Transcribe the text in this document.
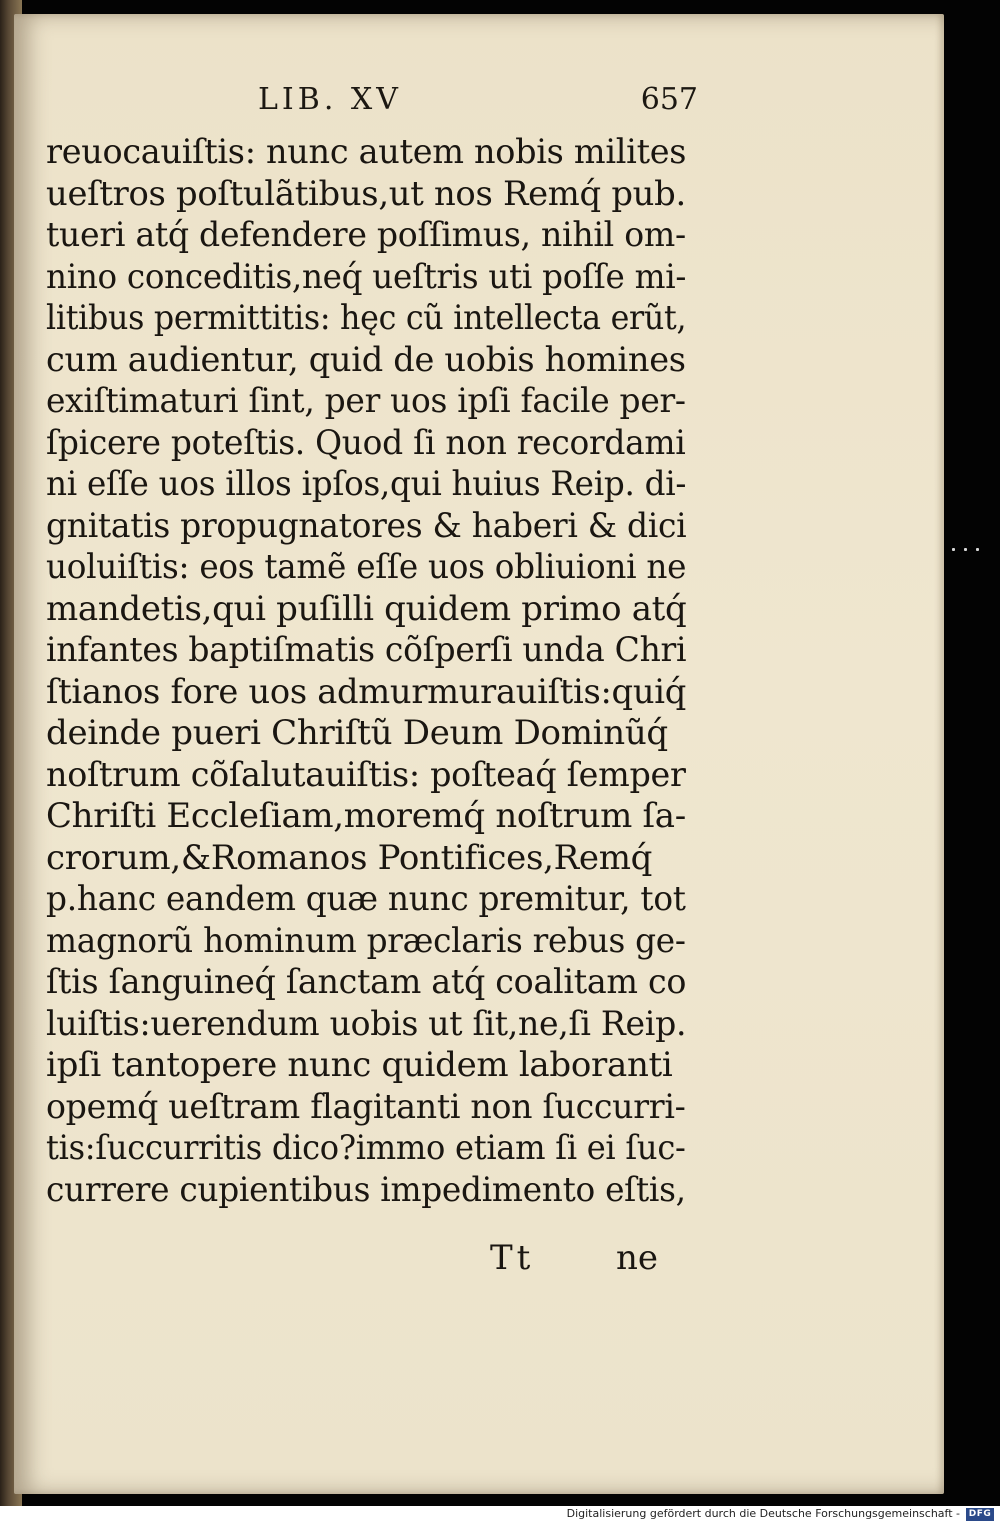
LIB. XV	657
reuocauiſtis: nunc autem nobis milites
ueſtros poſtulãtibus,ut nos Remq́ pub.
tueri atq́ defendere poſſimus, nihil om-
nino conceditis,neq́ ueſtris uti poſſe mi-
litibus permittitis: hęc cũ intellecta erũt,
cum audientur, quid de uobis homines
exiſtimaturi ſint, per uos ipſi facile per-
ſpicere poteſtis. Quod ſi non recordami
ni eſſe uos illos ipſos,qui huius Reip. di-
gnitatis propugnatores & haberi & dici
uoluiſtis: eos tamẽ eſſe uos obliuioni ne
mandetis,qui puſilli quidem primo atq́
infantes baptiſmatis cõſperſi unda Chri
ſtianos fore uos admurmurauiſtis:quiq́
deinde pueri Chriſtũ Deum Dominũq́
noſtrum cõſalutauiſtis: poſteaq́ ſemper
Chriſti Eccleſiam,moremq́ noſtrum ſa-
crorum,&Romanos Pontifices,Remq́
p.hanc eandem quæ nunc premitur, tot
magnorũ hominum præclaris rebus ge-
ſtis ſanguineq́ ſanctam atq́ coalitam co
luiſtis:uerendum uobis ut ſit,ne,ſi Reip.
ipſi tantopere nunc quidem laboranti
opemq́ ueſtram flagitanti non ſuccurri-
tis:ſuccurritis dico?immo etiam ſi ei ſuc-
currere cupientibus impedimento eſtis,
Tt ne
Digitalisierung gefördert durch die Deutsche Forschungsgemeinschaft - DFG
